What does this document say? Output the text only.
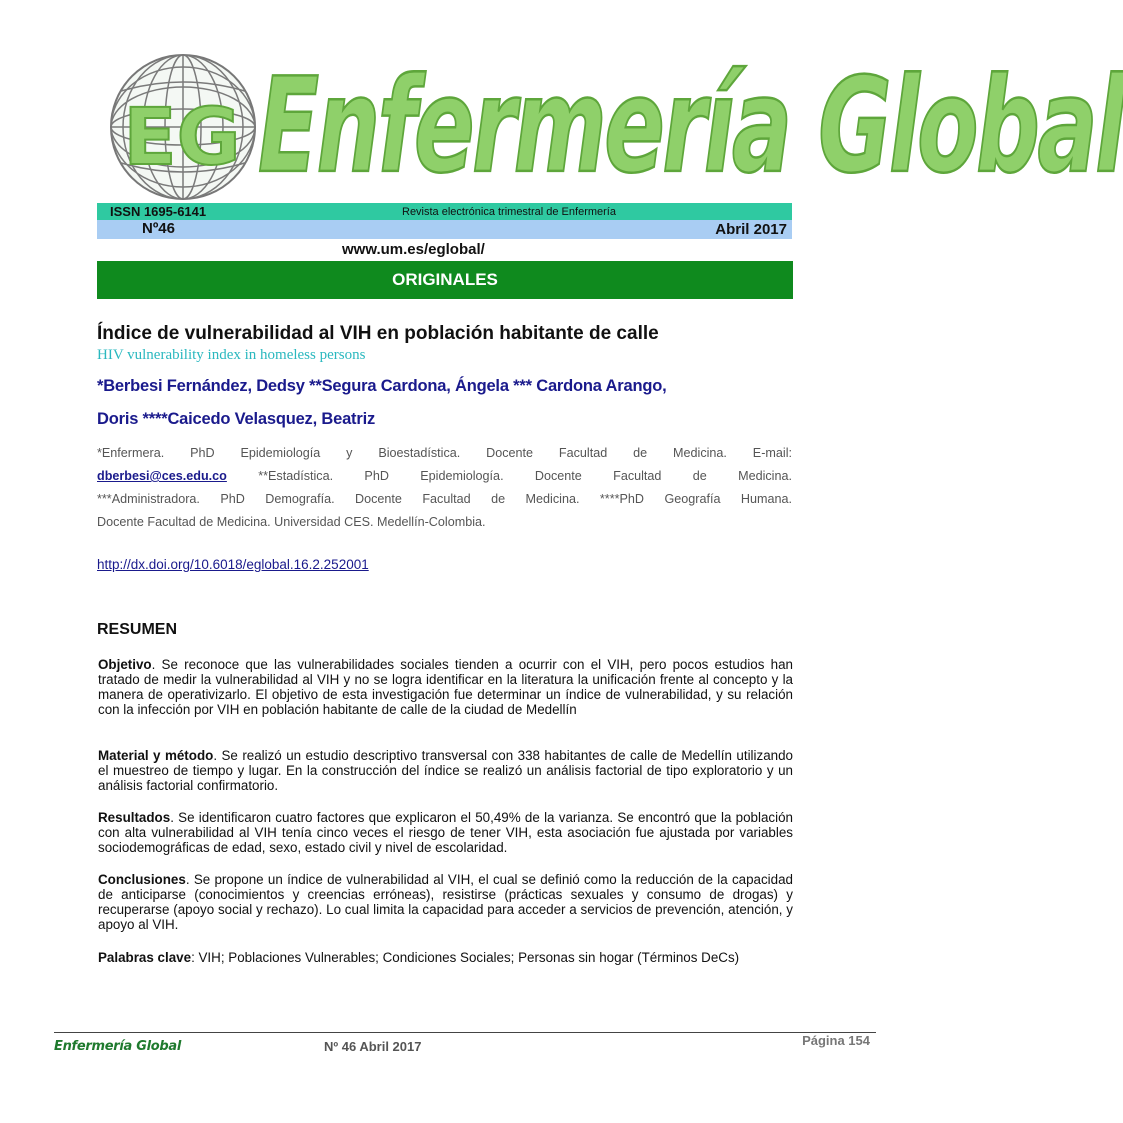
EG Enfermería Global
ISSN 1695-6141	Revista electrónica trimestral de Enfermería
Nº46	Abril 2017
www.um.es/eglobal/
ORIGINALES
Índice de vulnerabilidad al VIH en población habitante de calle
HIV vulnerability index in homeless persons
*Berbesi Fernández, Dedsy **Segura Cardona, Ángela *** Cardona Arango,
Doris ****Caicedo Velasquez, Beatriz
*Enfermera. PhD Epidemiología y Bioestadística. Docente Facultad de Medicina. E-mail:
dberbesi@ces.edu.co **Estadística. PhD Epidemiología. Docente Facultad de Medicina.
***Administradora. PhD Demografía. Docente Facultad de Medicina. ****PhD Geografía Humana.
Docente Facultad de Medicina. Universidad CES. Medellín-Colombia.
http://dx.doi.org/10.6018/eglobal.16.2.252001
RESUMEN
Objetivo. Se reconoce que las vulnerabilidades sociales tienden a ocurrir con el VIH, pero pocos estudios han tratado de medir la vulnerabilidad al VIH y no se logra identificar en la literatura la unificación frente al concepto y la manera de operativizarlo. El objetivo de esta investigación fue determinar un índice de vulnerabilidad, y su relación con la infección por VIH en población habitante de calle de la ciudad de Medellín
Material y método. Se realizó un estudio descriptivo transversal con 338 habitantes de calle de Medellín utilizando el muestreo de tiempo y lugar. En la construcción del índice se realizó un análisis factorial de tipo exploratorio y un análisis factorial confirmatorio.
Resultados. Se identificaron cuatro factores que explicaron el 50,49% de la varianza. Se encontró que la población con alta vulnerabilidad al VIH tenía cinco veces el riesgo de tener VIH, esta asociación fue ajustada por variables sociodemográficas de edad, sexo, estado civil y nivel de escolaridad.
Conclusiones. Se propone un índice de vulnerabilidad al VIH, el cual se definió como la reducción de la capacidad de anticiparse (conocimientos y creencias erróneas), resistirse (prácticas sexuales y consumo de drogas) y recuperarse (apoyo social y rechazo). Lo cual limita la capacidad para acceder a servicios de prevención, atención, y apoyo al VIH.
Palabras clave: VIH; Poblaciones Vulnerables; Condiciones Sociales; Personas sin hogar (Términos DeCs)
Enfermería Global	Nº 46 Abril 2017	Página 154
